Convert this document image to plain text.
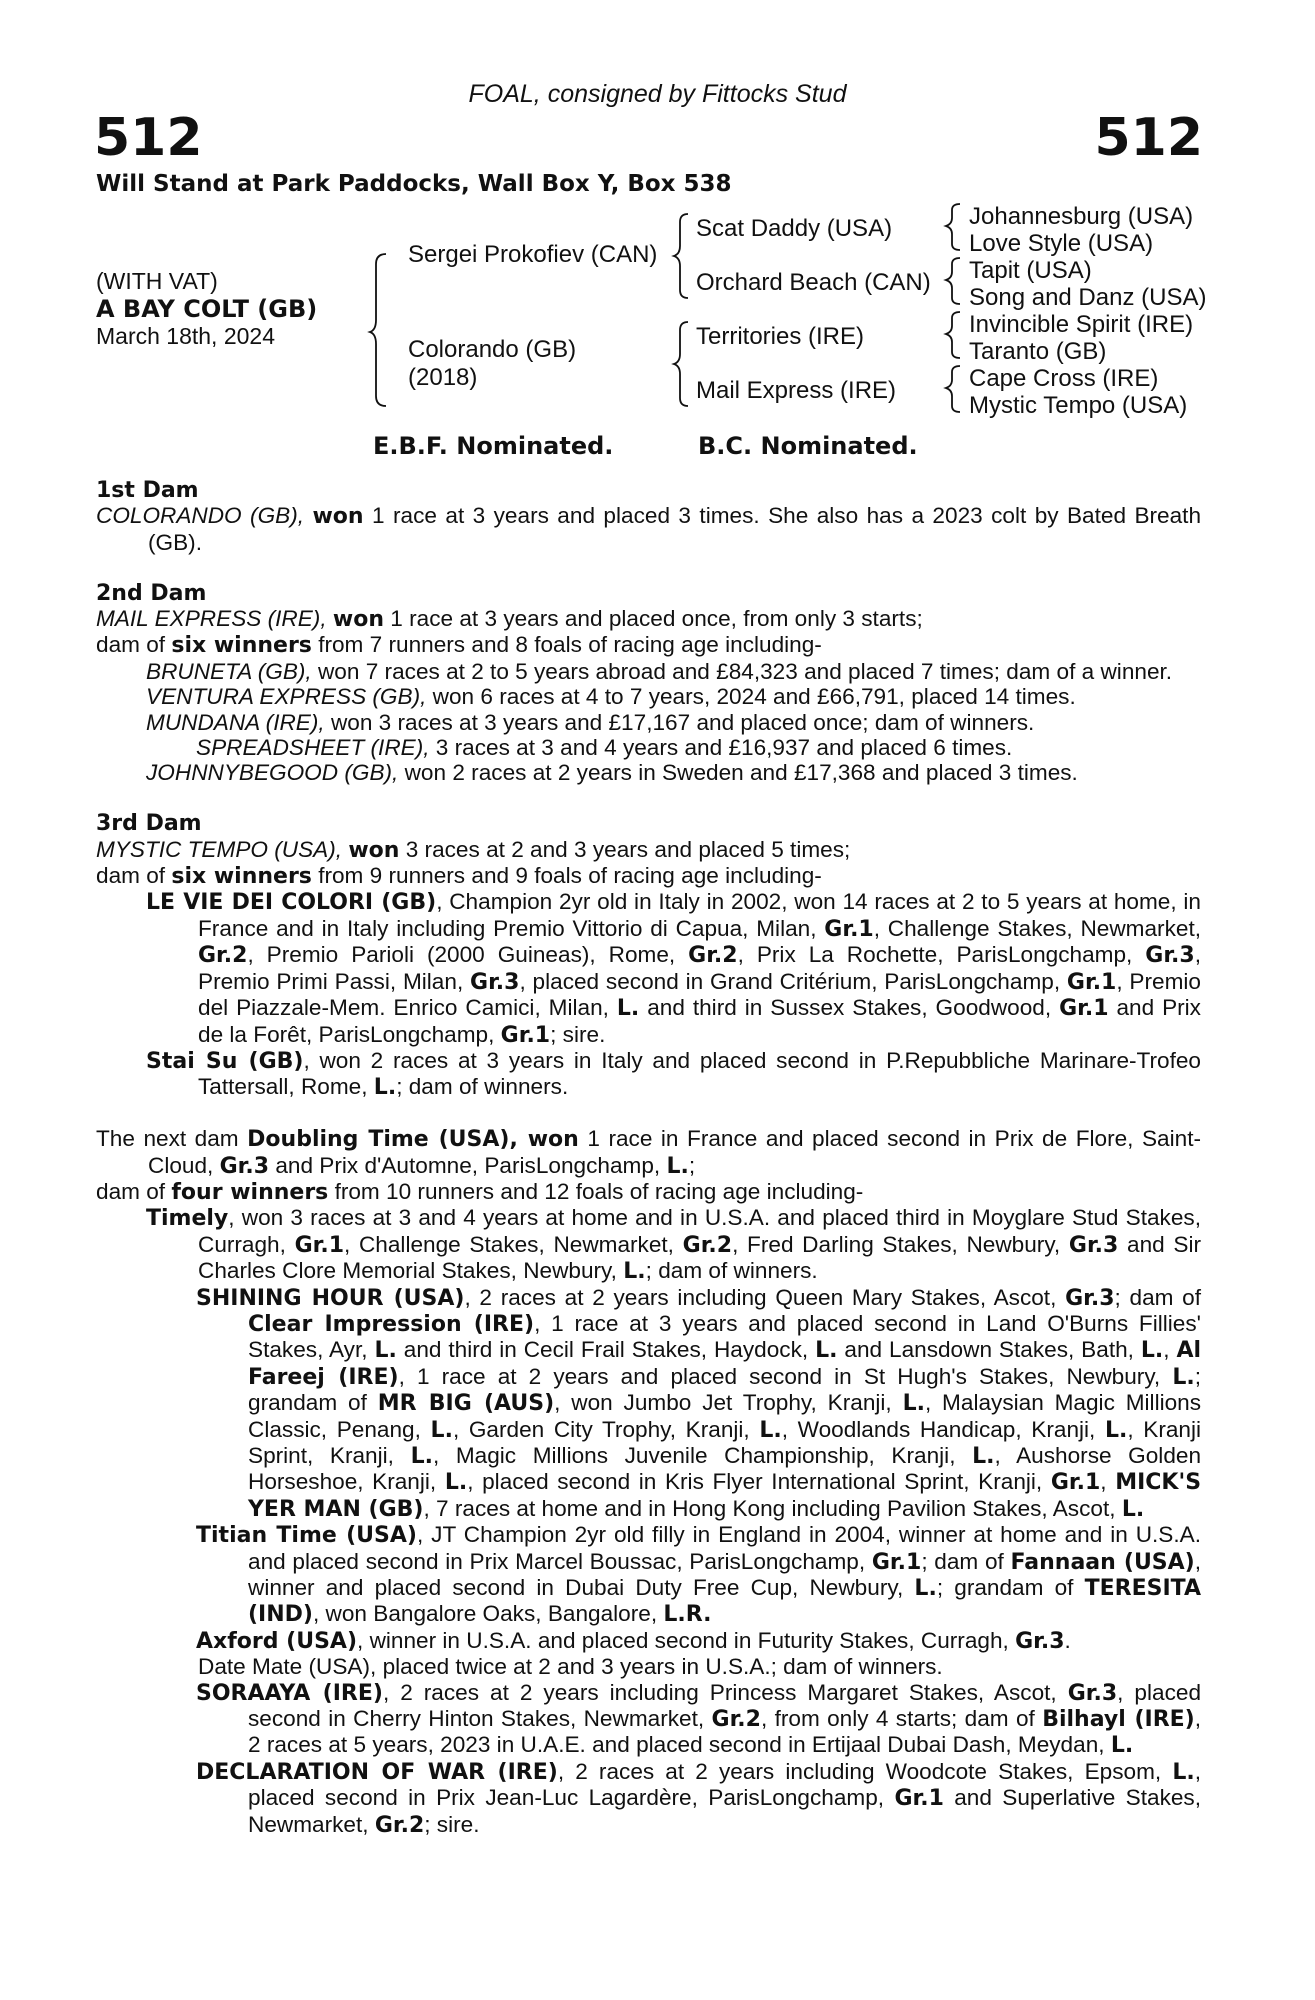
FOAL, consigned by Fittocks Stud
512	512
Will Stand at Park Paddocks, Wall Box Y, Box 538
(WITH VAT)
A BAY COLT (GB)
March 18th, 2024
Sergei Prokofiev (CAN)
Colorando (GB)
(2018)
Scat Daddy (USA)
Orchard Beach (CAN)
Territories (IRE)
Mail Express (IRE)
Johannesburg (USA)
Love Style (USA)
Tapit (USA)
Song and Danz (USA)
Invincible Spirit (IRE)
Taranto (GB)
Cape Cross (IRE)
Mystic Tempo (USA)
E.B.F. Nominated.	B.C. Nominated.

1st Dam

COLORANDO (GB), won 1 race at 3 years and placed 3 times. She also has a 2023 colt by Bated Breath (GB).

2nd Dam

MAIL EXPRESS (IRE), won 1 race at 3 years and placed once, from only 3 starts;

dam of six winners from 7 runners and 8 foals of racing age including-

BRUNETA (GB), won 7 races at 2 to 5 years abroad and £84,323 and placed 7 times; dam of a winner.

VENTURA EXPRESS (GB), won 6 races at 4 to 7 years, 2024 and £66,791, placed 14 times.

MUNDANA (IRE), won 3 races at 3 years and £17,167 and placed once; dam of winners.

SPREADSHEET (IRE), 3 races at 3 and 4 years and £16,937 and placed 6 times.

JOHNNYBEGOOD (GB), won 2 races at 2 years in Sweden and £17,368 and placed 3 times.

3rd Dam

MYSTIC TEMPO (USA), won 3 races at 2 and 3 years and placed 5 times;

dam of six winners from 9 runners and 9 foals of racing age including-

LE VIE DEI COLORI (GB), Champion 2yr old in Italy in 2002, won 14 races at 2 to 5 years at home, in France and in Italy including Premio Vittorio di Capua, Milan, Gr.1, Challenge Stakes, Newmarket, Gr.2, Premio Parioli (2000 Guineas), Rome, Gr.2, Prix La Rochette, ParisLongchamp, Gr.3, Premio Primi Passi, Milan, Gr.3, placed second in Grand Critérium, ParisLongchamp, Gr.1, Premio del Piazzale-Mem. Enrico Camici, Milan, L. and third in Sussex Stakes, Goodwood, Gr.1 and Prix de la Forêt, ParisLongchamp, Gr.1; sire.

Stai Su (GB), won 2 races at 3 years in Italy and placed second in P.Repubbliche Marinare-Trofeo Tattersall, Rome, L.; dam of winners.

The next dam Doubling Time (USA), won 1 race in France and placed second in Prix de Flore, Saint-Cloud, Gr.3 and Prix d'Automne, ParisLongchamp, L.;

dam of four winners from 10 runners and 12 foals of racing age including-

Timely, won 3 races at 3 and 4 years at home and in U.S.A. and placed third in Moyglare Stud Stakes, Curragh, Gr.1, Challenge Stakes, Newmarket, Gr.2, Fred Darling Stakes, Newbury, Gr.3 and Sir Charles Clore Memorial Stakes, Newbury, L.; dam of winners.

SHINING HOUR (USA), 2 races at 2 years including Queen Mary Stakes, Ascot, Gr.3; dam of Clear Impression (IRE), 1 race at 3 years and placed second in Land O'Burns Fillies' Stakes, Ayr, L. and third in Cecil Frail Stakes, Haydock, L. and Lansdown Stakes, Bath, L., Al Fareej (IRE), 1 race at 2 years and placed second in St Hugh's Stakes, Newbury, L.; grandam of MR BIG (AUS), won Jumbo Jet Trophy, Kranji, L., Malaysian Magic Millions Classic, Penang, L., Garden City Trophy, Kranji, L., Woodlands Handicap, Kranji, L., Kranji Sprint, Kranji, L., Magic Millions Juvenile Championship, Kranji, L., Aushorse Golden Horseshoe, Kranji, L., placed second in Kris Flyer International Sprint, Kranji, Gr.1, MICK'S YER MAN (GB), 7 races at home and in Hong Kong including Pavilion Stakes, Ascot, L.

Titian Time (USA), JT Champion 2yr old filly in England in 2004, winner at home and in U.S.A. and placed second in Prix Marcel Boussac, ParisLongchamp, Gr.1; dam of Fannaan (USA), winner and placed second in Dubai Duty Free Cup, Newbury, L.; grandam of TERESITA (IND), won Bangalore Oaks, Bangalore, L.R.

Axford (USA), winner in U.S.A. and placed second in Futurity Stakes, Curragh, Gr.3.

Date Mate (USA), placed twice at 2 and 3 years in U.S.A.; dam of winners.

SORAAYA (IRE), 2 races at 2 years including Princess Margaret Stakes, Ascot, Gr.3, placed second in Cherry Hinton Stakes, Newmarket, Gr.2, from only 4 starts; dam of Bilhayl (IRE), 2 races at 5 years, 2023 in U.A.E. and placed second in Ertijaal Dubai Dash, Meydan, L.

DECLARATION OF WAR (IRE), 2 races at 2 years including Woodcote Stakes, Epsom, L., placed second in Prix Jean-Luc Lagardère, ParisLongchamp, Gr.1 and Superlative Stakes, Newmarket, Gr.2; sire.
